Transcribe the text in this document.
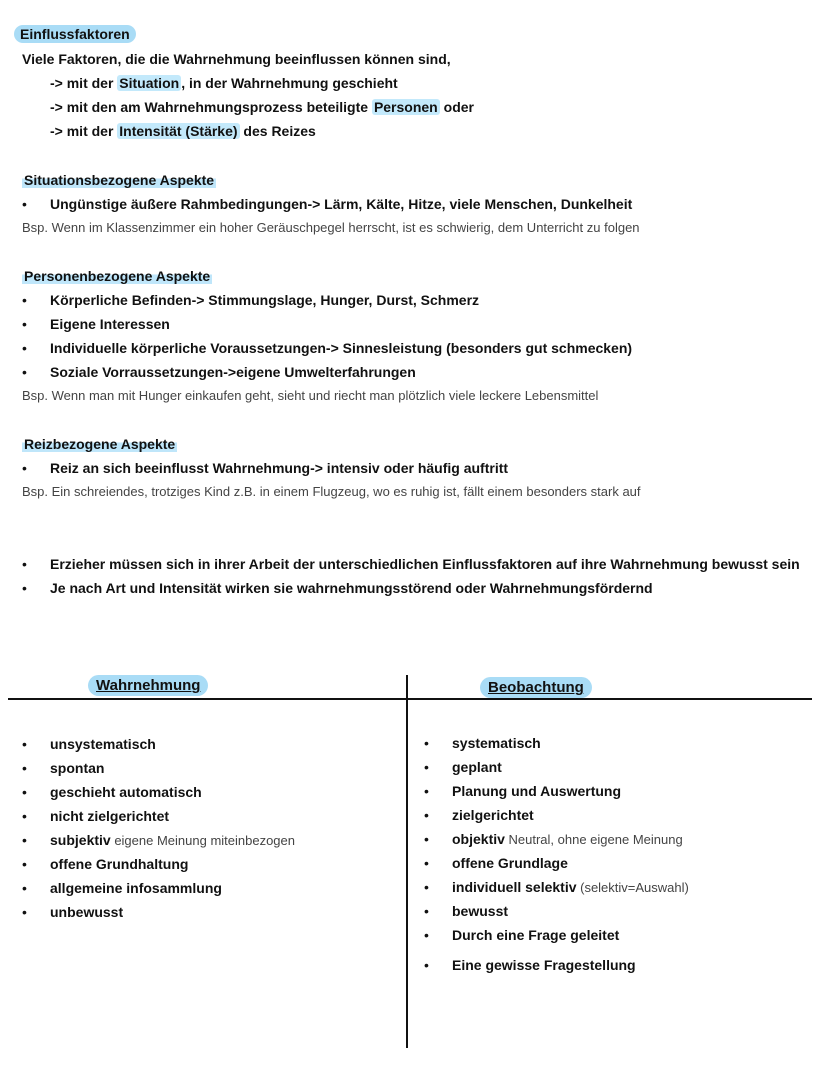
Einflussfaktoren
Viele Faktoren, die die Wahrnehmung beeinflussen können sind,
-> mit der Situation , in der Wahrnehmung geschieht
-> mit den am Wahrnehmungsprozess beteiligte Personen oder
-> mit der Intensität (Stärke) des Reizes
Situationsbezogene Aspekte
• Ungünstige äußere Rahmbedingungen-> Lärm, Kälte, Hitze, viele Menschen, Dunkelheit
Bsp. Wenn im Klassenzimmer ein hoher Geräuschpegel herrscht, ist es schwierig, dem Unterricht zu folgen
Personenbezogene Aspekte
• Körperliche Befinden-> Stimmungslage, Hunger, Durst, Schmerz
• Eigene Interessen
• Individuelle körperliche Voraussetzungen-> Sinnesleistung (besonders gut schmecken)
• Soziale Vorraussetzungen->eigene Umwelterfahrungen
Bsp. Wenn man mit Hunger einkaufen geht, sieht und riecht man plötzlich viele leckere Lebensmittel
Reizbezogene Aspekte
• Reiz an sich beeinflusst Wahrnehmung-> intensiv oder häufig auftritt
Bsp. Ein schreiendes, trotziges Kind z.B. in einem Flugzeug, wo es ruhig ist, fällt einem besonders stark auf
• Erzieher müssen sich in ihrer Arbeit der unterschiedlichen Einflussfaktoren auf ihre Wahrnehmung bewusst sein
• Je nach Art und Intensität wirken sie wahrnehmungsstörend oder Wahrnehmungsfördernd
Wahrnehmung	Beobachtung
• unsystematisch
• spontan
• geschieht automatisch
• nicht zielgerichtet
• subjektiv eigene Meinung miteinbezogen
• offene Grundhaltung
• allgemeine infosammlung
• unbewusst
• systematisch
• geplant
• Planung und Auswertung
• zielgerichtet
• objektiv Neutral, ohne eigene Meinung
• offene Grundlage
• individuell selektiv (selektiv=Auswahl)
• bewusst
• Durch eine Frage geleitet
• Eine gewisse Fragestellung
